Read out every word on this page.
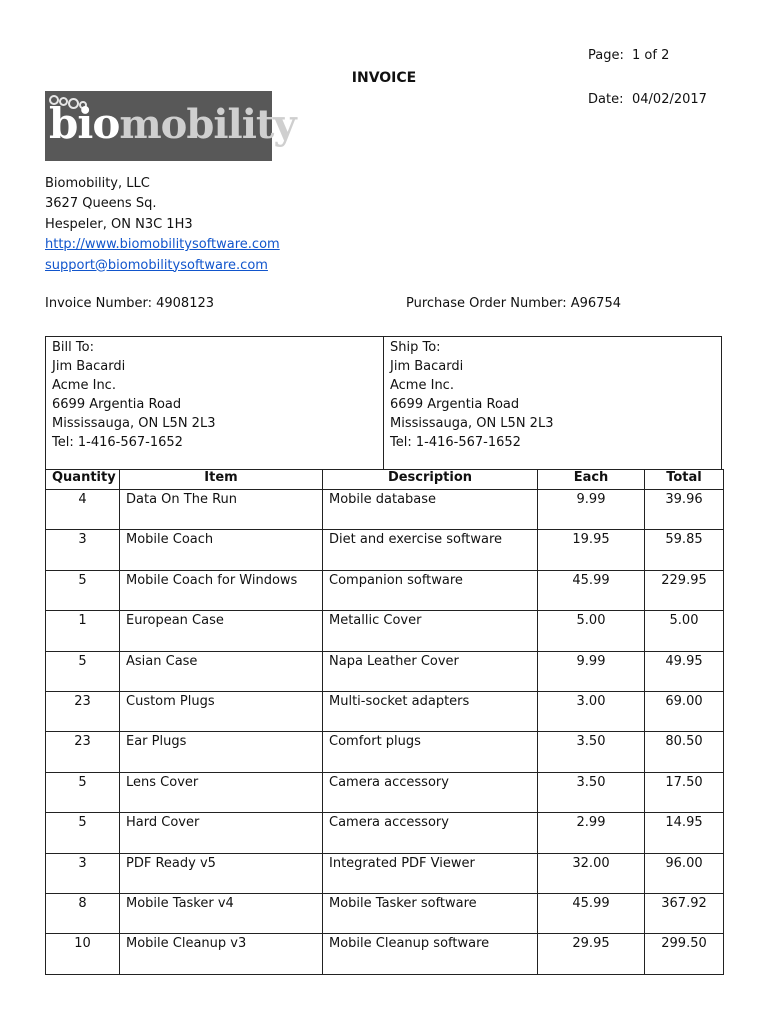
Page: 1 of 2
INVOICE
Date: 04/02/2017
biomobility
Biomobility, LLC
3627 Queens Sq.
Hespeler, ON N3C 1H3
http://www.biomobilitysoftware.com
support@biomobilitysoftware.com
Invoice Number: 4908123	Purchase Order Number: A96754
Bill To:
Jim Bacardi
Acme Inc.
6699 Argentia Road
Mississauga, ON L5N 2L3
Tel: 1-416-567-1652
Ship To:
Jim Bacardi
Acme Inc.
6699 Argentia Road
Mississauga, ON L5N 2L3
Tel: 1-416-567-1652
Quantity	Item	Description	Each	Total
4	Data On The Run	Mobile database	9.99	39.96
3	Mobile Coach	Diet and exercise software	19.95	59.85
5	Mobile Coach for Windows	Companion software	45.99	229.95
1	European Case	Metallic Cover	5.00	5.00
5	Asian Case	Napa Leather Cover	9.99	49.95
23	Custom Plugs	Multi-socket adapters	3.00	69.00
23	Ear Plugs	Comfort plugs	3.50	80.50
5	Lens Cover	Camera accessory	3.50	17.50
5	Hard Cover	Camera accessory	2.99	14.95
3	PDF Ready v5	Integrated PDF Viewer	32.00	96.00
8	Mobile Tasker v4	Mobile Tasker software	45.99	367.92
10	Mobile Cleanup v3	Mobile Cleanup software	29.95	299.50
